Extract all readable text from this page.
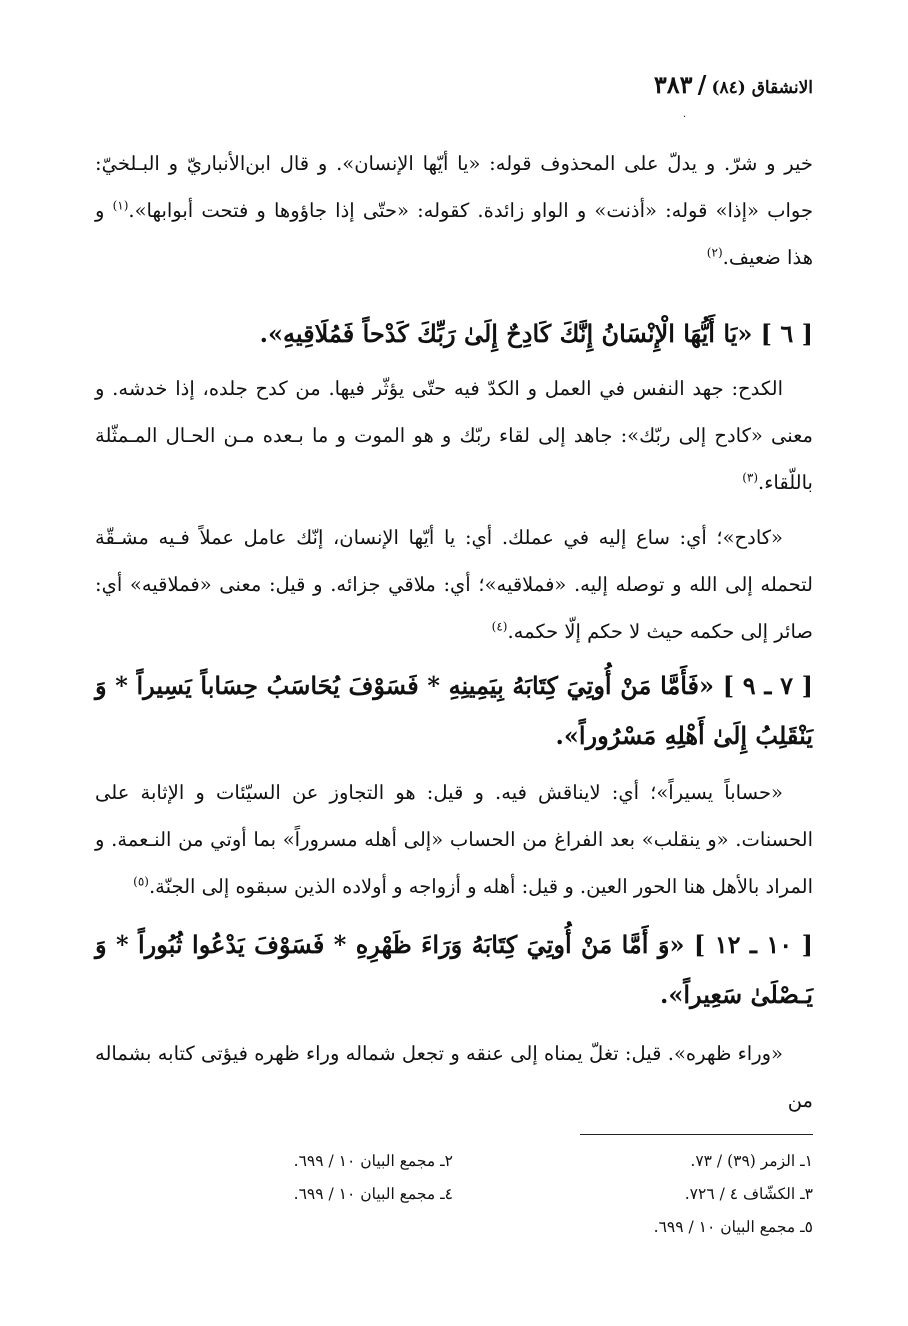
الانشقاق (٨٤) / ٣٨٣
·

خير و شرّ. و يدلّ على المحذوف قوله: «يا أيّها الإنسان». و قال ابن‌الأنباريّ و البـلخيّ: جواب «إذا» قوله: «أذنت» و الواو زائدة. كقوله: «حتّى إذا جاؤوها و فتحت أبوابها».$^{(١)}$ و هذا ضعيف.$^{(٢)}$

[ ٦ ] «يَا أَيُّهَا الْإِنْسَانُ إِنَّكَ كَادِحٌ إِلَىٰ رَبِّكَ كَدْحاً فَمُلَاقِيهِ».

الكدح: جهد النفس في العمل و الكدّ فيه حتّى يؤثّر فيها. من كدح جلده، إذا خدشه. و معنى «كادح إلى ربّك»: جاهد إلى لقاء ربّك و هو الموت و ما بـعده مـن الحـال المـمثّلة باللّقاء.$^{(٣)}$

«كادح»؛ أي: ساع إليه في عملك. أي: يا أيّها الإنسان، إنّك عامل عملاً فـيه مشـقّة لتحمله إلى الله و توصله إليه. «فملاقيه»؛ أي: ملاقي جزائه. و قيل: معنى «فملاقيه» أي: صائر إلى حكمه حيث لا حكم إلّا حكمه.$^{(٤)}$

[ ٧ ـ ٩ ] «فَأَمَّا مَنْ أُوتِيَ كِتَابَهُ بِيَمِينِهِ * فَسَوْفَ يُحَاسَبُ حِسَاباً يَسِيراً * وَ يَنْقَلِبُ إِلَىٰ أَهْلِهِ مَسْرُوراً».

«حساباً يسيراً»؛ أي: لايناقش فيه. و قيل: هو التجاوز عن السيّئات و الإثابة على الحسنات. «و ينقلب» بعد الفراغ من الحساب «إلى أهله مسروراً» بما أوتي من النـعمة. و المراد بالأهل هنا الحور العين. و قيل: أهله و أزواجه و أولاده الذين سبقوه إلى الجنّة.$^{(٥)}$

[ ١٠ ـ ١٢ ] «وَ أَمَّا مَنْ أُوتِيَ كِتَابَهُ وَرَاءَ ظَهْرِهِ * فَسَوْفَ يَدْعُوا ثُبُوراً * وَ يَـصْلَىٰ سَعِيراً».

«وراء ظهره». قيل: تغلّ يمناه إلى عنقه و تجعل شماله وراء ظهره فيؤتى كتابه بشماله من

١ـ الزمر (٣٩) / ٧٣.
٢ـ مجمع البيان ١٠ / ٦٩٩.
٣ـ الكشّاف ٤ / ٧٢٦.
٤ـ مجمع البيان ١٠ / ٦٩٩.
٥ـ مجمع البيان ١٠ / ٦٩٩.
